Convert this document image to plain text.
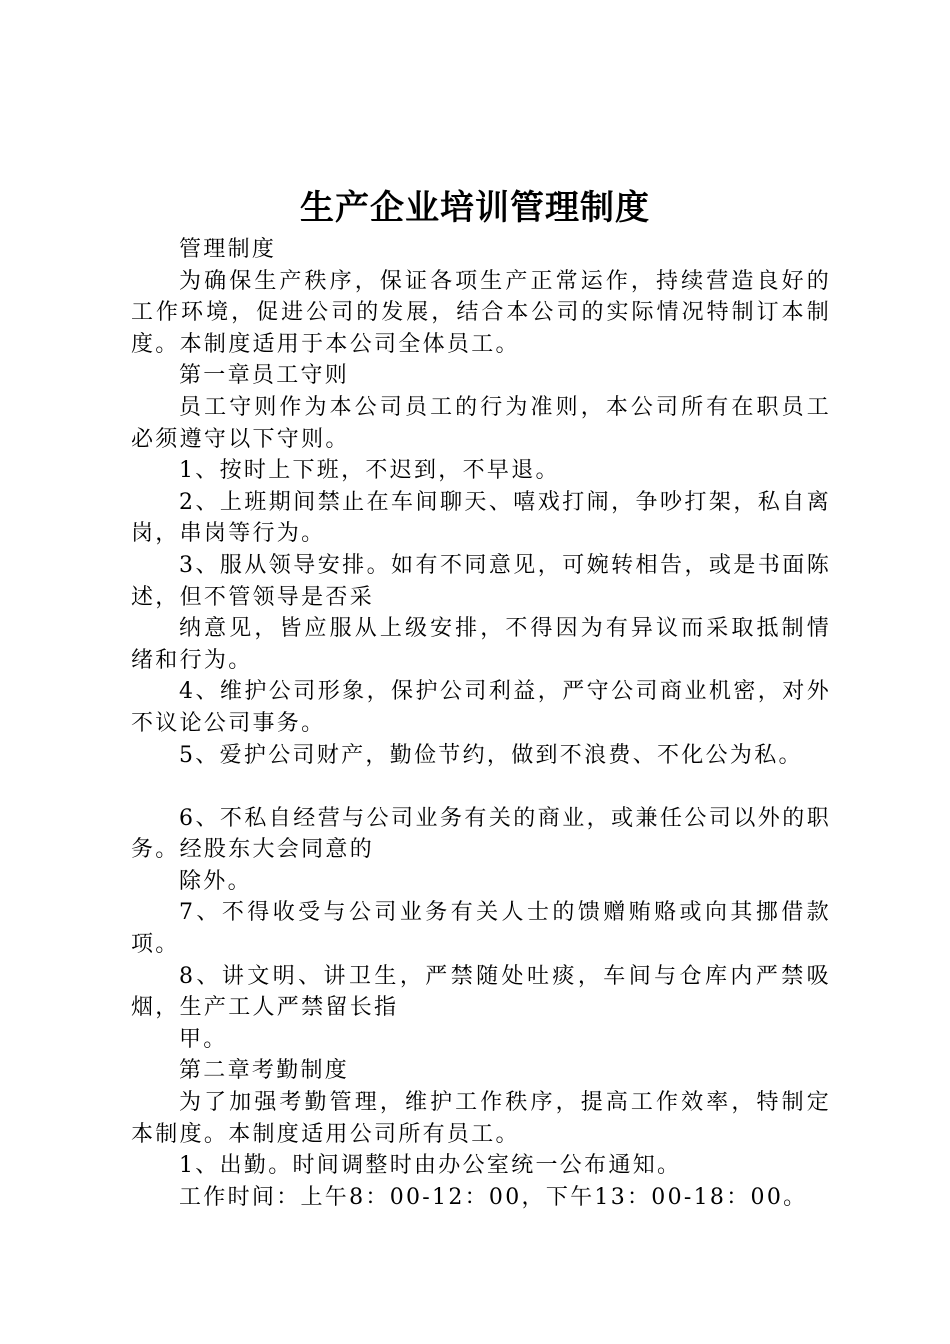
生产企业培训管理制度

管理制度

为确保生产秩序，保证各项生产正常运作，持续营造良好的工作环境，促进公司的发展，结合本公司的实际情况特制订本制度。本制度适用于本公司全体员工。

第一章员工守则

员工守则作为本公司员工的行为准则，本公司所有在职员工必须遵守以下守则。

1、按时上下班，不迟到，不早退。

2、上班期间禁止在车间聊天、嘻戏打闹，争吵打架，私自离岗，串岗等行为。

3、服从领导安排。如有不同意见，可婉转相告，或是书面陈述，但不管领导是否采

纳意见，皆应服从上级安排，不得因为有异议而采取抵制情绪和行为。

4、维护公司形象，保护公司利益，严守公司商业机密，对外不议论公司事务。

5、爱护公司财产，勤俭节约，做到不浪费、不化公为私。

6、不私自经营与公司业务有关的商业，或兼任公司以外的职务。经股东大会同意的

除外。

7、不得收受与公司业务有关人士的馈赠贿赂或向其挪借款项。

8、讲文明、讲卫生，严禁随处吐痰，车间与仓库内严禁吸烟，生产工人严禁留长指

甲。

第二章考勤制度

为了加强考勤管理，维护工作秩序，提高工作效率，特制定本制度。本制度适用公司所有员工。

1、出勤。时间调整时由办公室统一公布通知。

工作时间：上午8：00-12：00，下午13：00-18：00。
